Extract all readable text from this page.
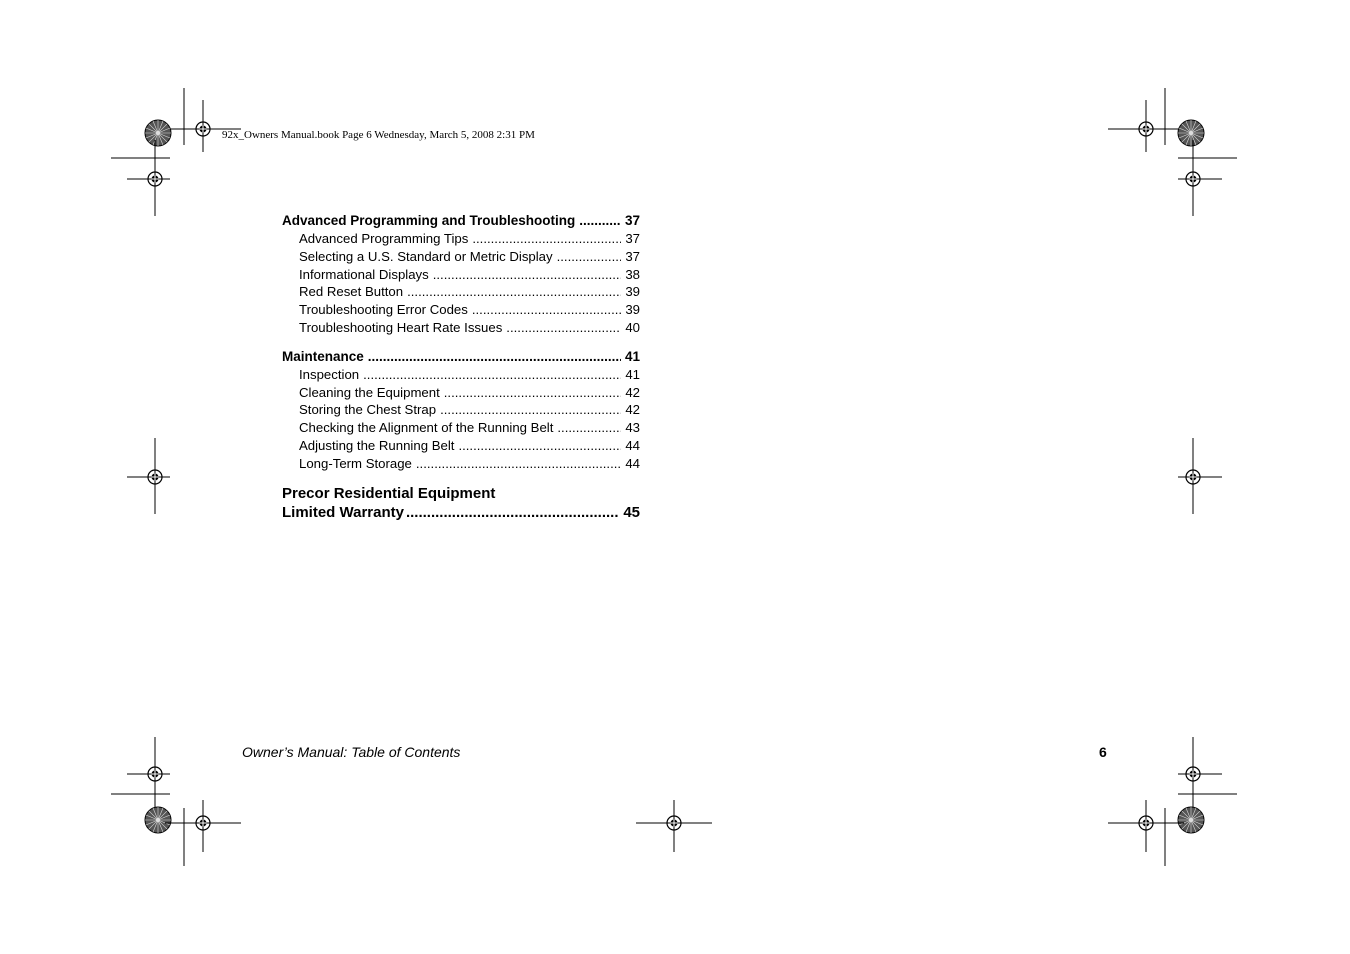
92x_Owners Manual.book Page 6 Wednesday, March 5, 2008 2:31 PM
Advanced Programming and Troubleshooting .....	37
Advanced Programming Tips .....	37
Selecting a U.S. Standard or Metric Display .....	37
Informational Displays .....	38
Red Reset Button .....	39
Troubleshooting Error Codes .....	39
Troubleshooting Heart Rate Issues .....	40
Maintenance .....	41
Inspection .....	41
Cleaning the Equipment .....	42
Storing the Chest Strap .....	42
Checking the Alignment of the Running Belt .....	43
Adjusting the Running Belt .....	44
Long-Term Storage .....	44
Precor Residential Equipment
Limited Warranty .....	45
Owner’s Manual: Table of Contents	6
